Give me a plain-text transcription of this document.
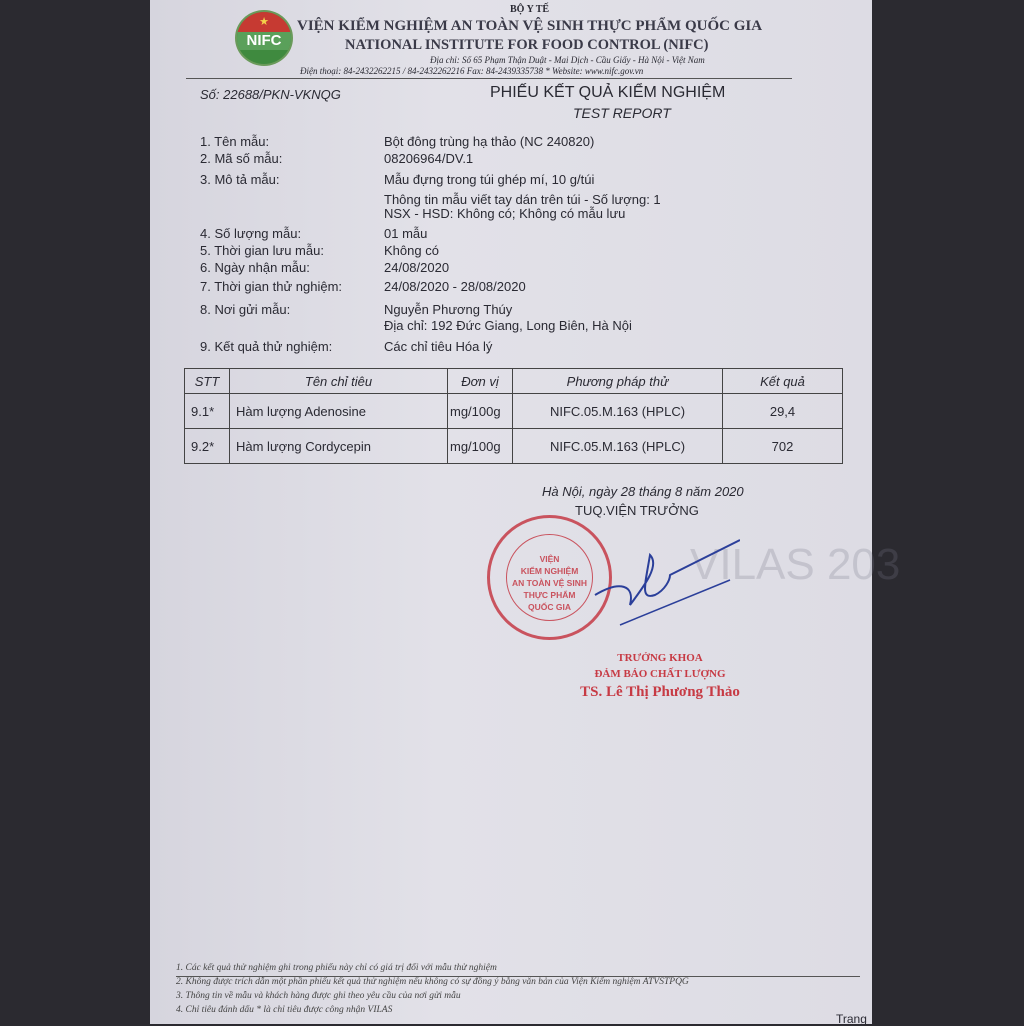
★
NIFC
BỘ Y TẾ
VIỆN KIỂM NGHIỆM AN TOÀN VỆ SINH THỰC PHẨM QUỐC GIA
NATIONAL INSTITUTE FOR FOOD CONTROL (NIFC)
Địa chỉ: Số 65 Phạm Thận Duật - Mai Dịch - Cầu Giấy - Hà Nội - Việt Nam
Điện thoại: 84-2432262215 / 84-2432262216 Fax: 84-2439335738 * Website: www.nifc.gov.vn
Số: 22688/PKN-VKNQG	PHIẾU KẾT QUẢ KIỂM NGHIỆM
TEST REPORT
1. Tên mẫu:	Bột đông trùng hạ thảo (NC 240820)
2. Mã số mẫu:	08206964/DV.1
3. Mô tả mẫu:	Mẫu đựng trong túi ghép mí, 10 g/túi
Thông tin mẫu viết tay dán trên túi - Số lượng: 1
NSX - HSD: Không có; Không có mẫu lưu
4. Số lượng mẫu:	01 mẫu
5. Thời gian lưu mẫu:	Không có
6. Ngày nhận mẫu:	24/08/2020
7. Thời gian thử nghiệm:	24/08/2020 - 28/08/2020
8. Nơi gửi mẫu:	Nguyễn Phương Thúy
Địa chỉ: 192 Đức Giang, Long Biên, Hà Nội
9. Kết quả thử nghiệm:	Các chỉ tiêu Hóa lý
STT	Tên chỉ tiêu	Đơn vị	Phương pháp thử	Kết quả
9.1*	Hàm lượng Adenosine	mg/100g	NIFC.05.M.163 (HPLC)	29,4
9.2*	Hàm lượng Cordycepin	mg/100g	NIFC.05.M.163 (HPLC)	702
VILAS 203
Hà Nội, ngày 28 tháng 8 năm 2020
TUQ.VIỆN TRƯỞNG
VIỆN
KIỂM NGHIỆM
AN TOÀN VỆ SINH
THỰC PHẨM
QUỐC GIA
TRƯỞNG KHOA
ĐẢM BẢO CHẤT LƯỢNG
TS. Lê Thị Phương Thảo
1. Các kết quả thử nghiệm ghi trong phiếu này chỉ có giá trị đối với mẫu thử nghiệm
2. Không được trích dẫn một phần phiếu kết quả thử nghiệm nếu không có sự đồng ý bằng văn bản của Viện Kiểm nghiệm ATVSTPQG
3. Thông tin về mẫu và khách hàng được ghi theo yêu cầu của nơi gửi mẫu
4. Chỉ tiêu đánh dấu * là chỉ tiêu được công nhận VILAS
Trang
